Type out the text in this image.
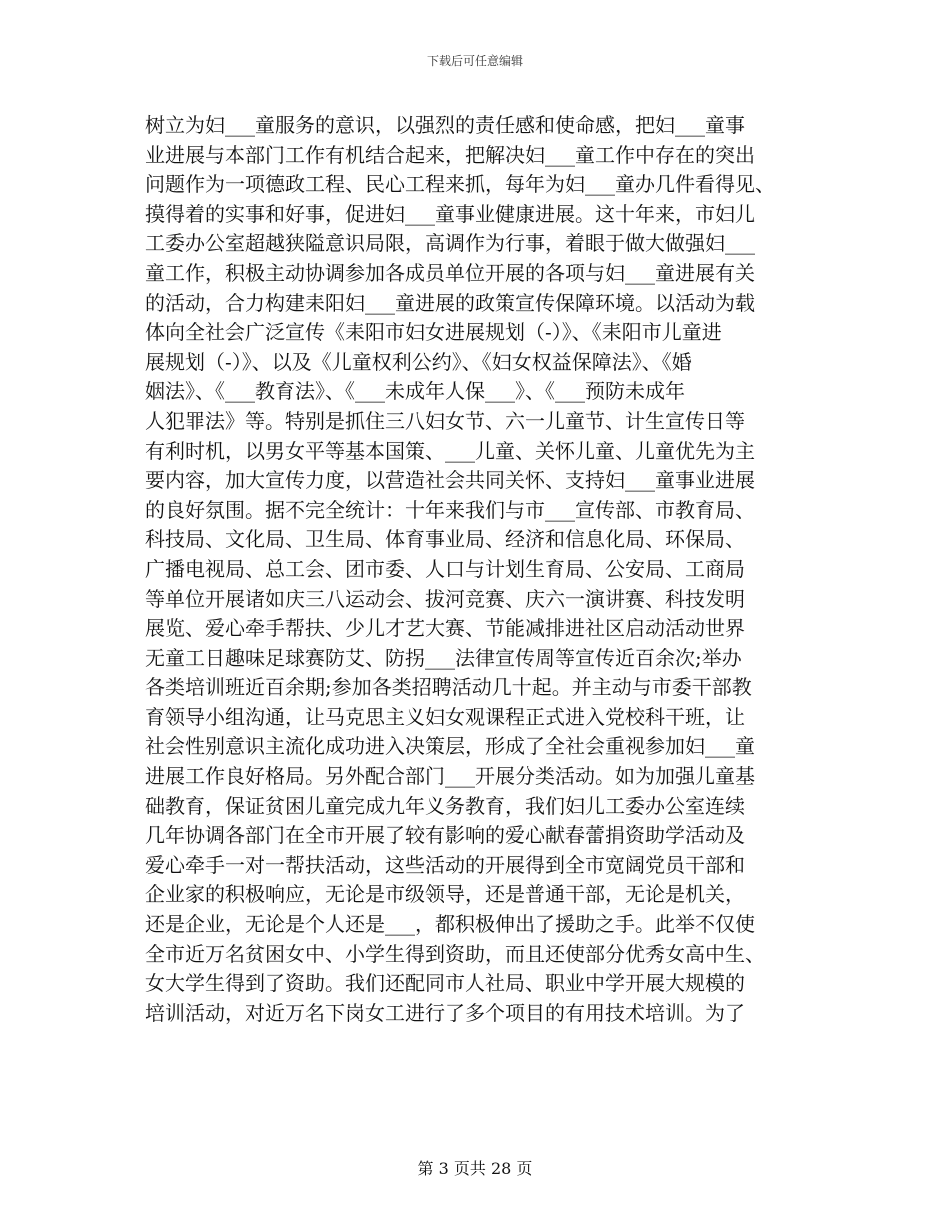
下载后可任意编辑
树立为妇___童服务的意识，以强烈的责任感和使命感，把妇___童事
业进展与本部门工作有机结合起来，把解决妇___童工作中存在的突出
问题作为一项德政工程、民心工程来抓，每年为妇___童办几件看得见、
摸得着的实事和好事，促进妇___童事业健康进展。这十年来，市妇儿
工委办公室超越狭隘意识局限，高调作为行事，着眼于做大做强妇___
童工作，积极主动协调参加各成员单位开展的各项与妇___童进展有关
的活动，合力构建耒阳妇___童进展的政策宣传保障环境。以活动为载
体向全社会广泛宣传《耒阳市妇女进展规划（-）》、《耒阳市儿童进
展规划（-）》、以及《儿童权利公约》、《妇女权益保障法》、《婚
姻法》、《___教育法》、《___未成年人保___》、《___预防未成年
人犯罪法》等。特别是抓住三八妇女节、六一儿童节、计生宣传日等
有利时机，以男女平等基本国策、___儿童、关怀儿童、儿童优先为主
要内容，加大宣传力度，以营造社会共同关怀、支持妇___童事业进展
的良好氛围。据不完全统计：十年来我们与市___宣传部、市教育局、
科技局、文化局、卫生局、体育事业局、经济和信息化局、环保局、
广播电视局、总工会、团市委、人口与计划生育局、公安局、工商局
等单位开展诸如庆三八运动会、拔河竞赛、庆六一演讲赛、科技发明
展览、爱心牵手帮扶、少儿才艺大赛、节能减排进社区启动活动世界
无童工日趣味足球赛防艾、防拐___法律宣传周等宣传近百余次;举办
各类培训班近百余期;参加各类招聘活动几十起。并主动与市委干部教
育领导小组沟通，让马克思主义妇女观课程正式进入党校科干班，让
社会性别意识主流化成功进入决策层，形成了全社会重视参加妇___童
进展工作良好格局。另外配合部门___开展分类活动。如为加强儿童基
础教育，保证贫困儿童完成九年义务教育，我们妇儿工委办公室连续
几年协调各部门在全市开展了较有影响的爱心献春蕾捐资助学活动及
爱心牵手一对一帮扶活动，这些活动的开展得到全市宽阔党员干部和
企业家的积极响应，无论是市级领导，还是普通干部，无论是机关，
还是企业，无论是个人还是___，都积极伸出了援助之手。此举不仅使
全市近万名贫困女中、小学生得到资助，而且还使部分优秀女高中生、
女大学生得到了资助。我们还配同市人社局、职业中学开展大规模的
培训活动，对近万名下岗女工进行了多个项目的有用技术培训。为了
第 3 页共 28 页
